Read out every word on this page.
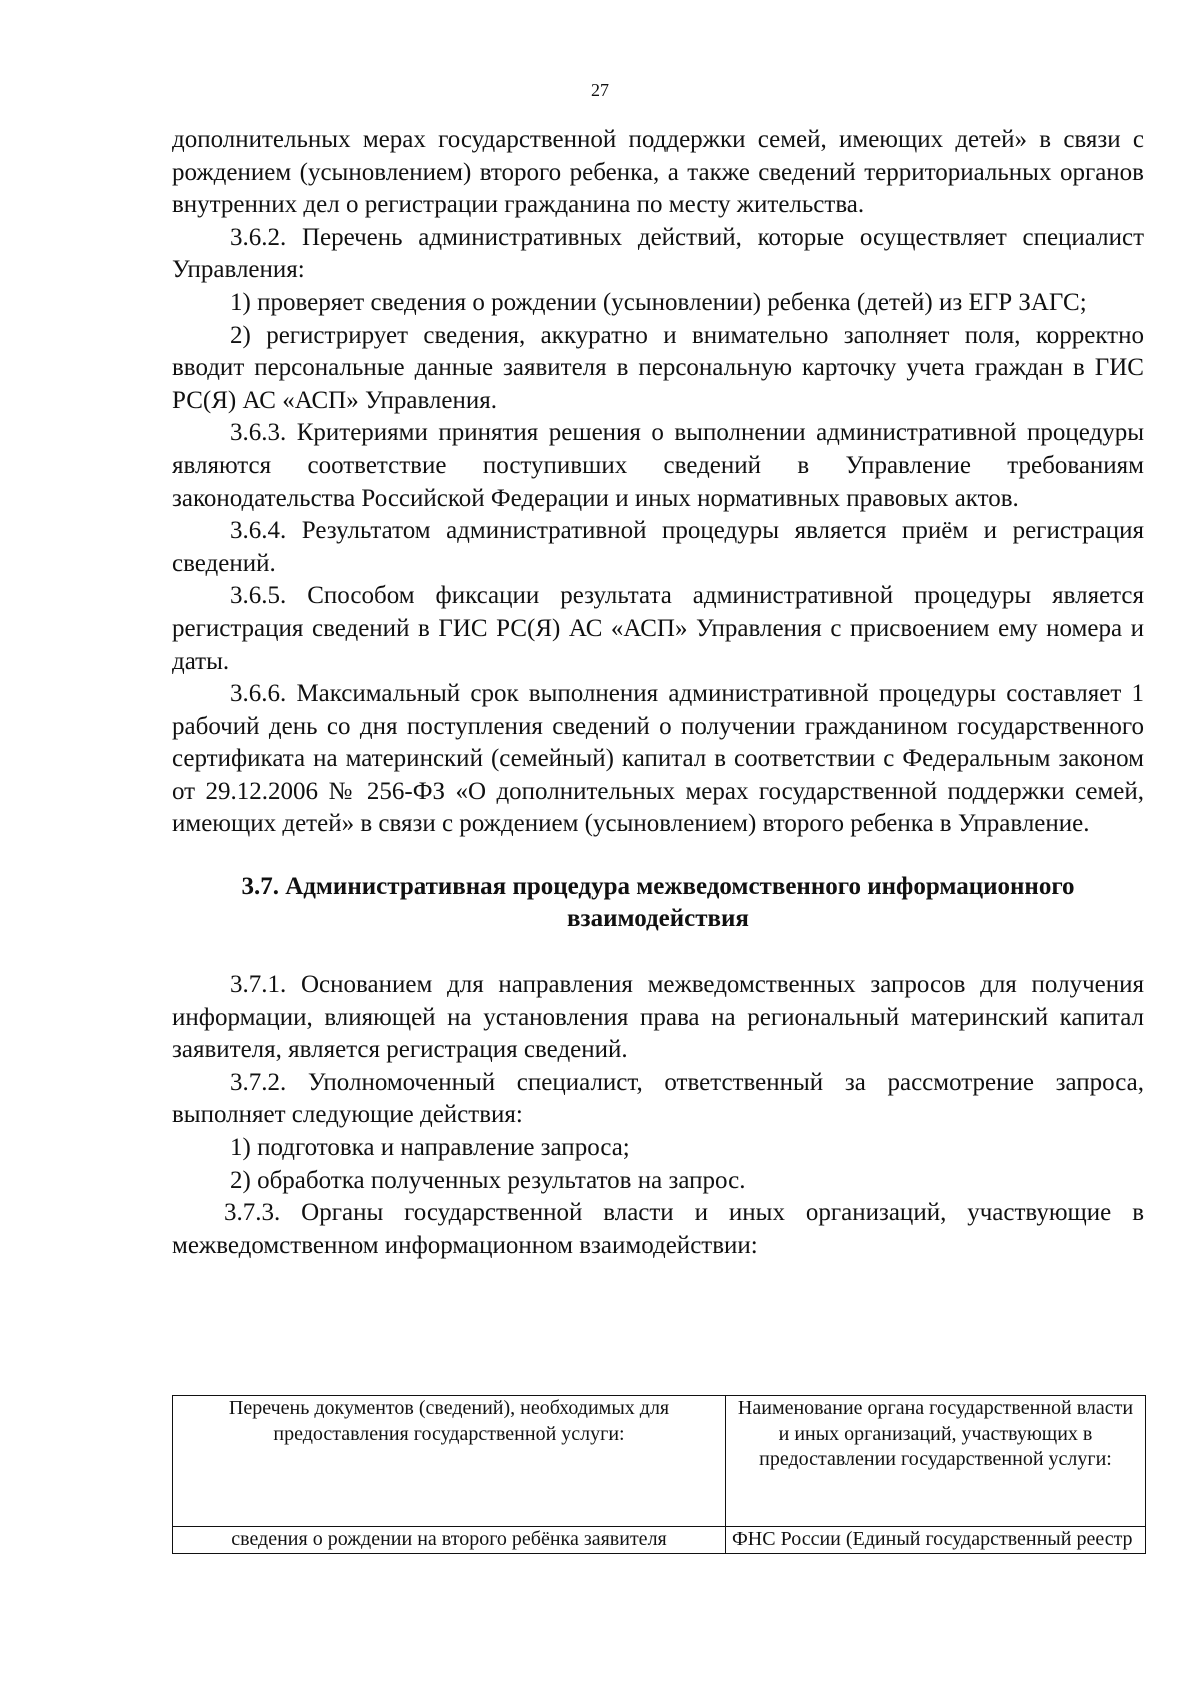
27

дополнительных мерах государственной поддержки семей, имеющих детей» в связи с рождением (усыновлением) второго ребенка, а также сведений территориальных органов внутренних дел о регистрации гражданина по месту жительства.

3.6.2. Перечень административных действий, которые осуществляет специалист Управления:

1) проверяет сведения о рождении (усыновлении) ребенка (детей) из ЕГР ЗАГС;

2) регистрирует сведения, аккуратно и внимательно заполняет поля, корректно вводит персональные данные заявителя в персональную карточку учета граждан в ГИС РС(Я) АС «АСП» Управления.

3.6.3. Критериями принятия решения о выполнении административной процедуры являются соответствие поступивших сведений в Управление требованиям законодательства Российской Федерации и иных нормативных правовых актов.

3.6.4. Результатом административной процедуры является приём и регистрация сведений.

3.6.5. Способом фиксации результата административной процедуры является регистрация сведений в ГИС РС(Я) АС «АСП» Управления с присвоением ему номера и даты.

3.6.6. Максимальный срок выполнения административной процедуры составляет 1 рабочий день со дня поступления сведений о получении гражданином государственного сертификата на материнский (семейный) капитал в соответствии с Федеральным законом от 29.12.2006 № 256-ФЗ «О дополнительных мерах государственной поддержки семей, имеющих детей» в связи с рождением (усыновлением) второго ребенка в Управление.

3.7. Административная процедура межведомственного информационного взаимодействия

3.7.1. Основанием для направления межведомственных запросов для получения информации, влияющей на установления права на региональный материнский капитал заявителя, является регистрация сведений.

3.7.2. Уполномоченный специалист, ответственный за рассмотрение запроса, выполняет следующие действия:

1) подготовка и направление запроса;

2) обработка полученных результатов на запрос.

3.7.3. Органы государственной власти и иных организаций, участвующие в межведомственном информационном взаимодействии:

Перечень документов (сведений), необходимых для предоставления государственной услуги:	Наименование органа государственной власти и иных организаций, участвующих в предоставлении государственной услуги:
сведения о рождении на второго ребёнка заявителя	ФНС России (Единый государственный реестр
